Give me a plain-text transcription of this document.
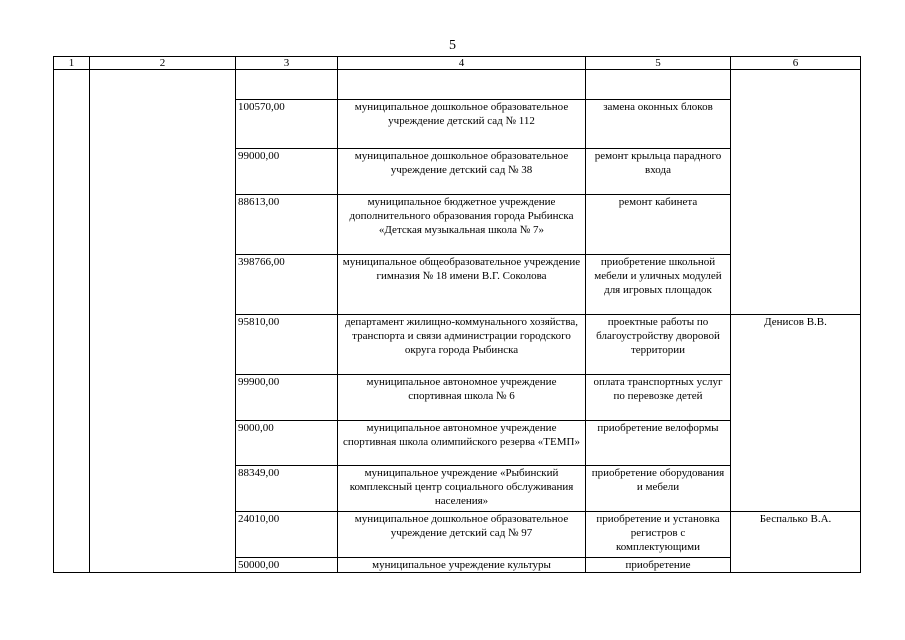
5
1	2	3	4	5	6

		100570,00	муниципальное дошкольное образовательное учреждение детский сад № 112	замена оконных блоков	
		99000,00	муниципальное дошкольное образовательное учреждение детский сад № 38	ремонт крыльца парадного входа	
		88613,00	муниципальное бюджетное учреждение дополнительного образования города Рыбинска «Детская музыкальная школа № 7»	ремонт кабинета	
		398766,00	муниципальное общеобразовательное учреждение гимназия № 18 имени В.Г. Соколова	приобретение школьной мебели и уличных модулей для игровых площадок	
		95810,00	департамент жилищно-коммунального хозяйства, транспорта и связи администрации городского округа города Рыбинска	проектные работы по благоустройству дворовой территории	Денисов В.В.
		99900,00	муниципальное автономное учреждение спортивная школа № 6	оплата транспортных услуг по перевозке детей	
		9000,00	муниципальное автономное учреждение спортивная школа олимпийского резерва «ТЕМП»	приобретение велоформы	
		88349,00	муниципальное учреждение «Рыбинский комплексный центр социального обслуживания населения»	приобретение оборудования и мебели	
		24010,00	муниципальное дошкольное образовательное учреждение детский сад № 97	приобретение и установка регистров с комплектующими	Беспалько В.А.
		50000,00	муниципальное учреждение культуры	приобретение	
